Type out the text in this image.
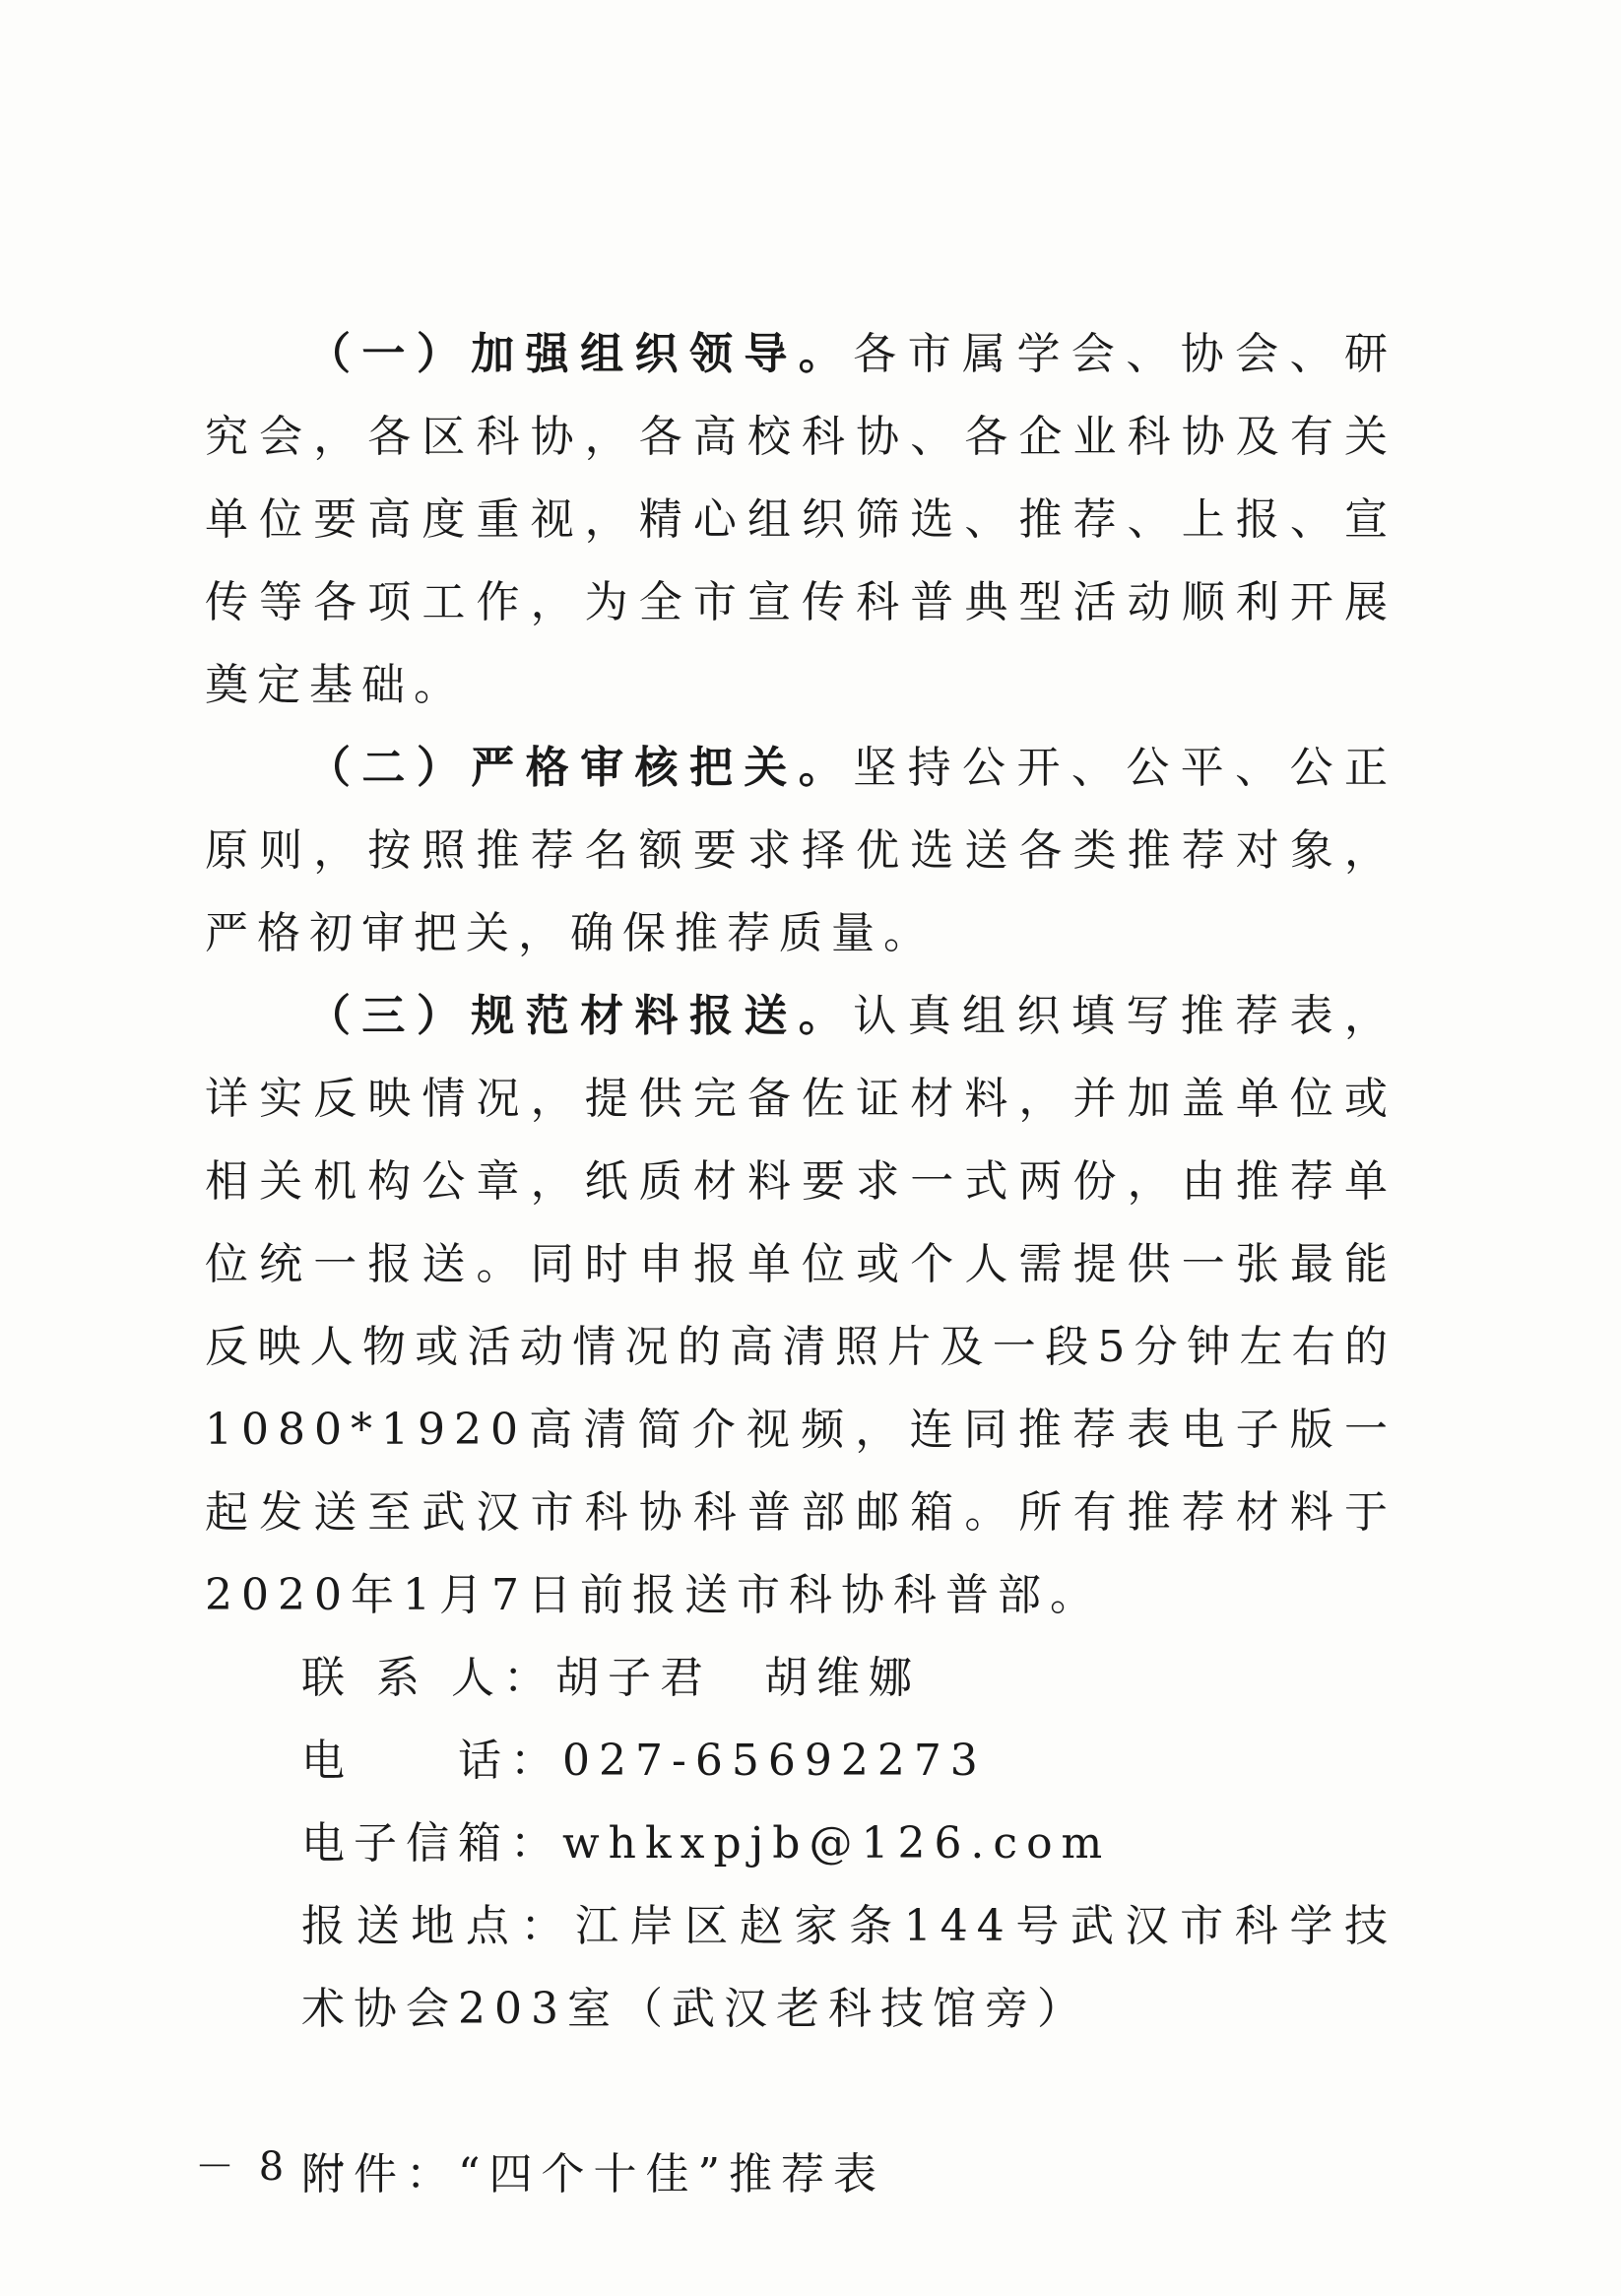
（一）加强组织领导。各市属学会、协会、研究会，各区科协，各高校科协、各企业科协及有关单位要高度重视，精心组织筛选、推荐、上报、宣传等各项工作，为全市宣传科普典型活动顺利开展奠定基础。

（二）严格审核把关。坚持公开、公平、公正原则，按照推荐名额要求择优选送各类推荐对象，严格初审把关，确保推荐质量。

（三）规范材料报送。认真组织填写推荐表，详实反映情况，提供完备佐证材料，并加盖单位或相关机构公章，纸质材料要求一式两份，由推荐单位统一报送。同时申报单位或个人需提供一张最能反映人物或活动情况的高清照片及一段5分钟左右的1080*1920高清简介视频，连同推荐表电子版一起发送至武汉市科协科普部邮箱。所有推荐材料于2020年1月7日前报送市科协科普部。

联 系 人：胡子君　胡维娜

电　　话：027-65692273

电子信箱：whkxpjb@126.com

报送地点：江岸区赵家条144号武汉市科学技术协会203室（武汉老科技馆旁）

附件：“四个十佳”推荐表

－ 8 －
